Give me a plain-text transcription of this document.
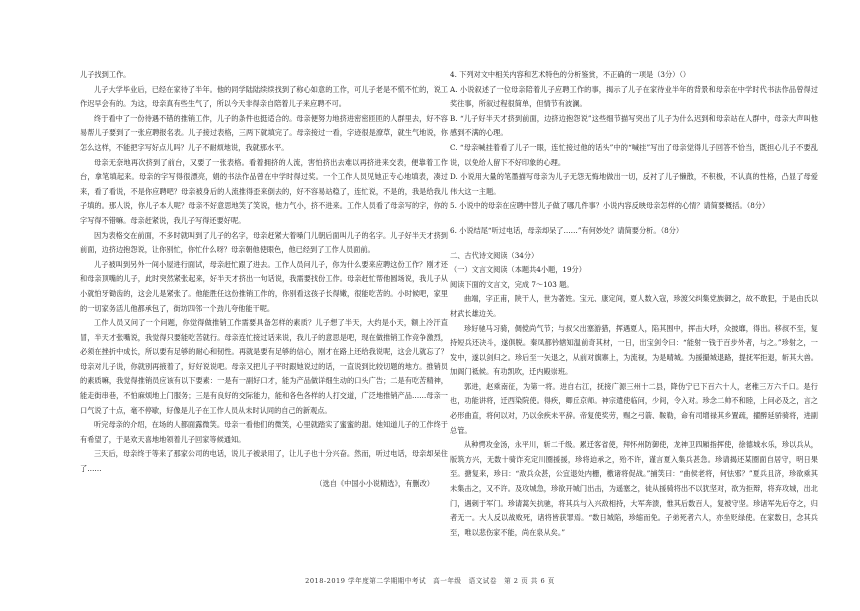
儿子找到工作。

儿子大学毕业后，已经在家待了半年。他的同学陆陆续续找到了称心如意的工作，可儿子老是不慌不忙的，说工作迟早会有的。为这，母亲真有些生气了，所以今天非得亲自陪着儿子来应聘不可。

终于看中了一份待遇不错的推销工作，儿子的条件也挺适合的。母亲便努力地挤进密密匝匝的人群里去，好不容易帮儿子要到了一张应聘报名表。儿子接过表格，三两下就填完了。母亲接过一看，字迹很是潦草，就生气地说，你怎么这样，不能把字写好点儿吗？儿子不耐烦地说，我就那水平。

母亲无奈地再次挤到了前台，又要了一张表格。看着拥挤的人流，害怕挤出去难以再挤进来交表，便靠着工作台，拿笔填起来。母亲的字写得很漂亮，娟的书法作品曾在中学时得过奖。一个工作人员见她正专心地填表，凑过来，看了看说，不是你应聘吧？母亲被身后的人流推得歪来倒去的，好不容易站稳了，连忙说，不是的，我是给我儿子填的。那人说，你儿子本人呢？母亲不好意思地笑了笑说，他力气小，挤不进来。工作人员看了母亲写的字，你的字写得不错嘛。母亲赶紧说，我儿子写得还要好呢。

因为表格交在前面，不多时就叫到了儿子的名字，母亲赶紧大着嗓门儿朝后面叫儿子的名字。儿子好半天才挤到前面，边挤边抱怨说，让你别忙，你忙什么呀？母亲朝他使眼色，他已经到了工作人员面前。

儿子被叫到另外一间小屋进行面试，母亲赶忙跟了进去。工作人员问儿子，你为什么要来应聘这份工作？刚才还和母亲顶嘴的儿子，此时突然紧张起来，好半天才挤出一句话说，我需要找份工作。母亲赶忙帮他圆场说，我儿子从小就怕牙锄齿的，这会儿是紧张了。他能胜任这份推销工作的，你别看这孩子长得嫩，很能吃苦的。小时候吧，家里的一切家务活儿他都承包了，街坊四邻一个劲儿夸他能干呢。

工作人员又问了一个问题，你觉得做推销工作需要具备怎样的素质？儿子想了半天，大约是小天，额上冷汗直冒，半天才张嘴说，我觉得只要能吃苦就行。母亲连忙接过话来说，我儿子的意思是吧，现在做推销工作竞争激烈，必须在挫折中成长，所以要有足够的耐心和韧性。再就是要有足够的信心，刚才在路上还给我说呢，这会儿就忘了？母亲对儿子说，你就别再掖着了，好好说说吧。母亲又把儿子平时跟她说过的话，一直说到比较切题的地方。推销员的素质嘛，我觉得推销员应该有以下要素：一是有一副好口才，能为产品做详细生动的口头广告；二是有吃苦精神，能走街串巷，不怕麻烦地上门服务；三是有良好的交际能力，能和各色各样的人打交道，广泛地推销产品……母亲一口气说了十点，毫不停歇，好像是儿子在工作人员从未时认同的自己的新观点。

听完母亲的介绍，在场的人都面露微笑。母亲一看他们的微笑，心里就踏实了蜜蜜的甜。她知道儿子的工作终于有希望了，于是欢天喜地地领着儿子回家等候通知。

三天后，母亲终于等来了那家公司的电话，说儿子被录用了，让儿子也十分兴奋。然而，听过电话，母亲却呆住了……

（选自《中国小小说精选》，有删改）

4. 下列对文中相关内容和艺术特色的分析鉴赏，不正确的一项是（3分）（）

A. 小说叙述了一位母亲陪着儿子应聘工作的事，揭示了儿子在家待业半年的背景和母亲在中学时代书法作品曾得过奖往事，所叙过程很简单，但情节有波澜。

B. “儿子好半天才挤到前面，边挤边抱怨说”这些细节描写突出了儿子为什么迟到和母亲站在人群中，母亲大声叫他感到不满的心理。

C. “母亲喊挂着看了儿子一眼，连忙接过他的话头”中的“喊挂”写出了母亲觉得儿子回答不恰当，既担心儿子不要乱说，以免给人留下不好印象的心理。

D. 小说用大量的笔墨描写母亲为儿子无怨无悔地做出一切，反衬了儿子懒散，不积极，不认真的性格，凸显了母爱伟大这一主题。

5. 小说中的母亲在应聘中替儿子做了哪几件事？小说内容反映母亲怎样的心情？请简要概括。（8分）

6. 小说结尾“听过电话，母亲却呆了……”有何妙处？请简要分析。（8分）

二、古代诗文阅读（34分）

（一）文言文阅读（本题共4小题，19分）

阅读下面的文言文，完成 7～103 题。

曲端，字正甫，陕干人，世为著姓。宝元、康定间，夏人数入寇，珍渡父纠集党族御之，故不敢犯，于是由氏以材武长雄边关。

珍好驰马习骑，倜傥尚气节；与叔父出塞游猎，挥遇夏人，陷其围中，挥击大呼，众披靡，得出。移叔不至，复持短兵还决斗，遂俱脱。秦凤都钤辖知温前奇其材，一日，出宝剑令曰：“能射一钱于百步外者，与之。”珍射之，一发中，遂以剑归之。珍后至一矢退之，从前对旗寨上，为流视，为是晴城。为援撮城退路，提抚军拒退，斩其大兽。加阁门祗候。有功凯吹，迁内殿崇班。

郭进，赵乘南征，为第一将。进自右江，抚接广源三州十二县，降伪宁已下百六十人，老稚三万六千口。是行也，功能讲将，迁西染院使。得疾，卿丘京师。神宗遣使临问，少间，令入对。珍念二帅不和睦，上问必及之，言之必形曲直，将何以对，乃以余疾未平辞。帝复使奖劳，赐之弓箭、鞍勒，命有司增禄其乡置疏，擢醉延骄骑将，进副总管。

从种愕攻金汤，永平川，斩二千级。累迁客省使，拜怀州防御使，龙神卫四厢指挥使，徐德城水乐，珍以兵从，版筑方兴，无数十骑诈充定川圈援援，珍将迫承之，殆不许，谨言夏入集兵甚急。珍请揭还某圈面自居守，明日果至。搪复来，珍曰：“敌兵众甚，公宜退处内栅，檄诸将促战。”捕笑曰：“曲侯老将，何怯邪？”夏兵且济，珍欲乘其未集击之，又不许。及攻城急，珍欲开城门出击，为遥塞之，徒从援骑将出不以犹坚对，欲为拒辩，将弃攻城，出北门，遇刺于军门。珍请蒿矢抗驰，将其兵与入兴敌相持，大军奔溃，惟其后数百人，复被守坚。珍诸军先后夺之，归者无一。大人反以战败死，诸将皆获罪焉。“数日城陷，珍缩而免。子弟死者六人，亦坐贬绿使。在家数日，念其兵至，唯以悲伤家不能，尚在泉从矣。”

2018-2019 学年度第二学期期中考试　高一年级　语文试卷　第 2 页 共 6 页
